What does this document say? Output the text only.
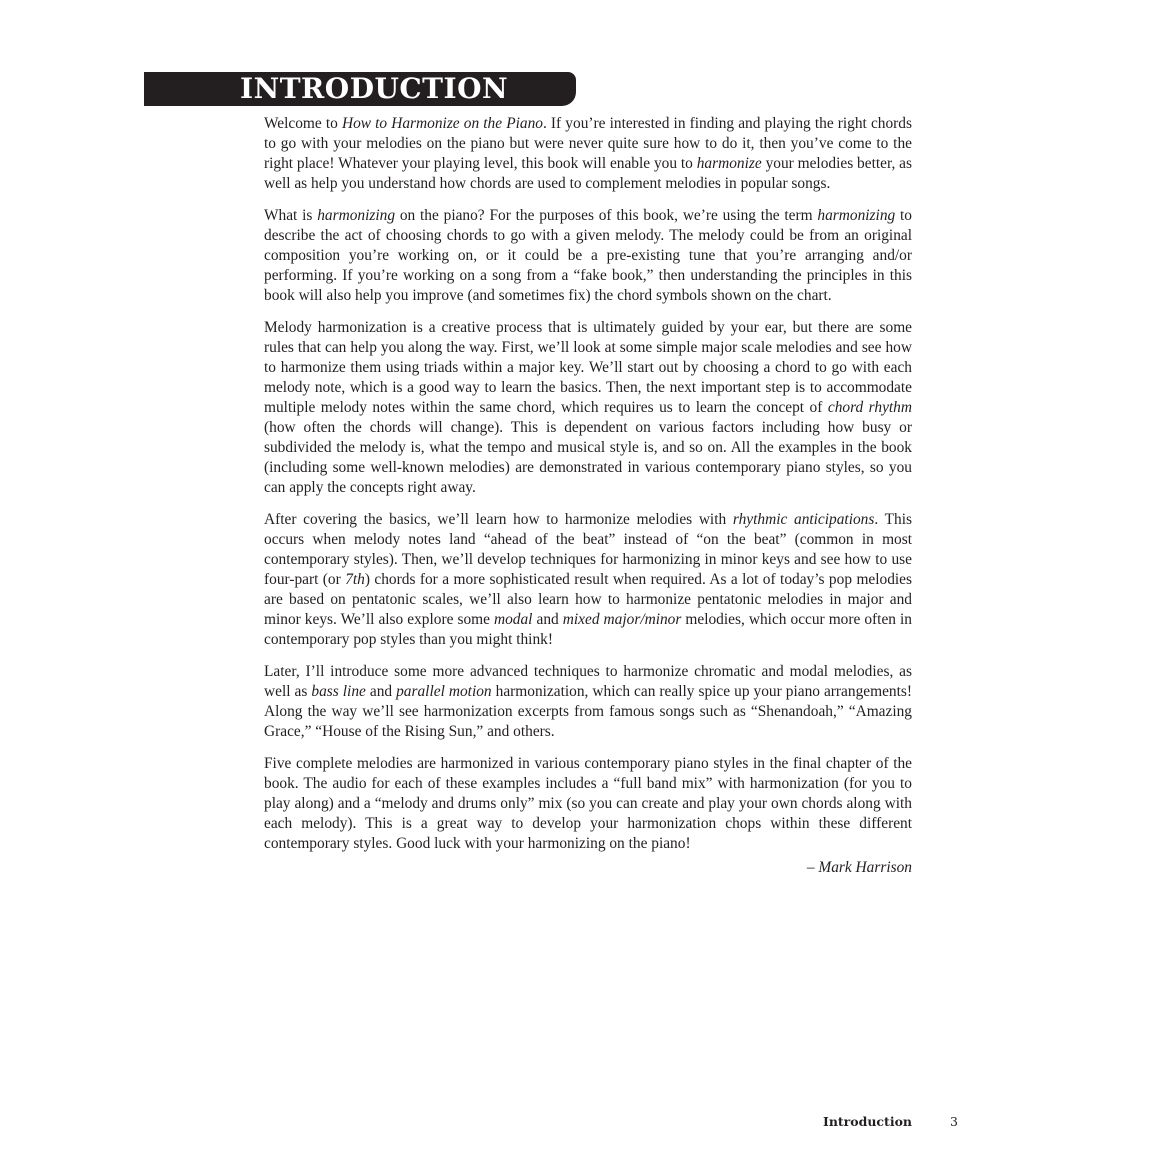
INTRODUCTION

Welcome to How to Harmonize on the Piano. If you’re interested in finding and playing the right chords to go with your melodies on the piano but were never quite sure how to do it, then you’ve come to the right place! Whatever your playing level, this book will enable you to harmonize your melodies better, as well as help you understand how chords are used to complement melodies in popular songs.

What is harmonizing on the piano? For the purposes of this book, we’re using the term harmonizing to describe the act of choosing chords to go with a given melody. The melody could be from an original composition you’re working on, or it could be a pre-existing tune that you’re arranging and/or performing. If you’re working on a song from a “fake book,” then understanding the principles in this book will also help you improve (and sometimes fix) the chord symbols shown on the chart.

Melody harmonization is a creative process that is ultimately guided by your ear, but there are some rules that can help you along the way. First, we’ll look at some simple major scale melodies and see how to harmonize them using triads within a major key. We’ll start out by choosing a chord to go with each melody note, which is a good way to learn the basics. Then, the next important step is to accommodate multiple melody notes within the same chord, which requires us to learn the concept of chord rhythm (how often the chords will change). This is dependent on various factors including how busy or subdivided the melody is, what the tempo and musical style is, and so on. All the examples in the book (including some well-known melodies) are demonstrated in various contemporary piano styles, so you can apply the concepts right away.

After covering the basics, we’ll learn how to harmonize melodies with rhythmic anticipations. This occurs when melody notes land “ahead of the beat” instead of “on the beat” (common in most contemporary styles). Then, we’ll develop techniques for harmonizing in minor keys and see how to use four-part (or 7th) chords for a more sophisticated result when required. As a lot of today’s pop melodies are based on pentatonic scales, we’ll also learn how to harmonize pentatonic melodies in major and minor keys. We’ll also explore some modal and mixed major/minor melodies, which occur more often in contemporary pop styles than you might think!

Later, I’ll introduce some more advanced techniques to harmonize chromatic and modal melodies, as well as bass line and parallel motion harmonization, which can really spice up your piano arrangements! Along the way we’ll see harmonization excerpts from famous songs such as “Shenandoah,” “Amazing Grace,” “House of the Rising Sun,” and others.

Five complete melodies are harmonized in various contemporary piano styles in the final chapter of the book. The audio for each of these examples includes a “full band mix” with harmonization (for you to play along) and a “melody and drums only” mix (so you can create and play your own chords along with each melody). This is a great way to develop your harmonization chops within these different contemporary styles. Good luck with your harmonizing on the piano!

– Mark Harrison
Introduction	3
